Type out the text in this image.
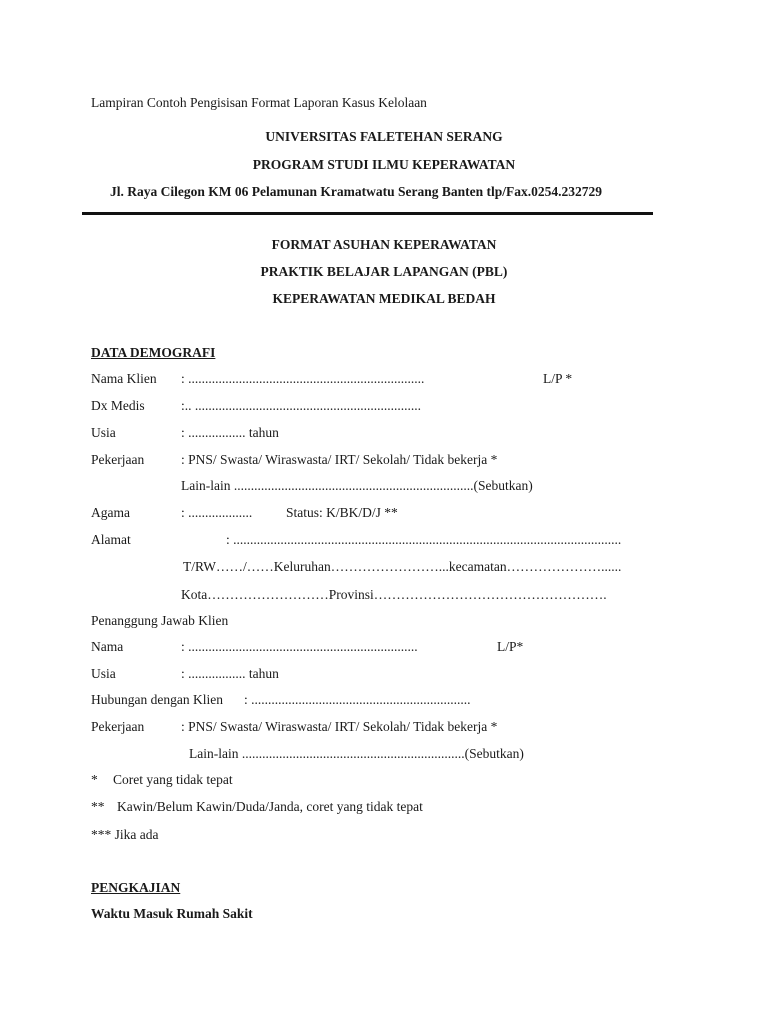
Lampiran Contoh Pengisisan Format Laporan Kasus Kelolaan
UNIVERSITAS FALETEHAN SERANG
PROGRAM STUDI ILMU KEPERAWATAN
Jl. Raya Cilegon KM 06 Pelamunan Kramatwatu Serang Banten tlp/Fax.0254.232729
FORMAT ASUHAN KEPERAWATAN
PRAKTIK BELAJAR LAPANGAN (PBL)
KEPERAWATAN MEDIKAL BEDAH
DATA DEMOGRAFI
Nama Klien : ......................................................................	L/P *
Dx Medis	:.. ...................................................................
Usia	: ................. tahun
Pekerjaan	: PNS/ Swasta/ Wiraswasta/ IRT/ Sekolah/ Tidak bekerja *
Lain-lain .......................................................................(Sebutkan)
Agama	: ................... Status: K/BK/D/J **
Alamat	: ...................................................................................................................
T/RW……/……Keluruhan……………………...kecamatan…………………......
Kota………………………Provinsi…………………………………………….
Penanggung Jawab Klien
Nama	: ....................................................................	L/P*
Usia	: ................. tahun
Hubungan dengan Klien : .................................................................
Pekerjaan	: PNS/ Swasta/ Wiraswasta/ IRT/ Sekolah/ Tidak bekerja *
Lain-lain ..................................................................(Sebutkan)
* Coret yang tidak tepat
** Kawin/Belum Kawin/Duda/Janda, coret yang tidak tepat
*** Jika ada
PENGKAJIAN
Waktu Masuk Rumah Sakit
